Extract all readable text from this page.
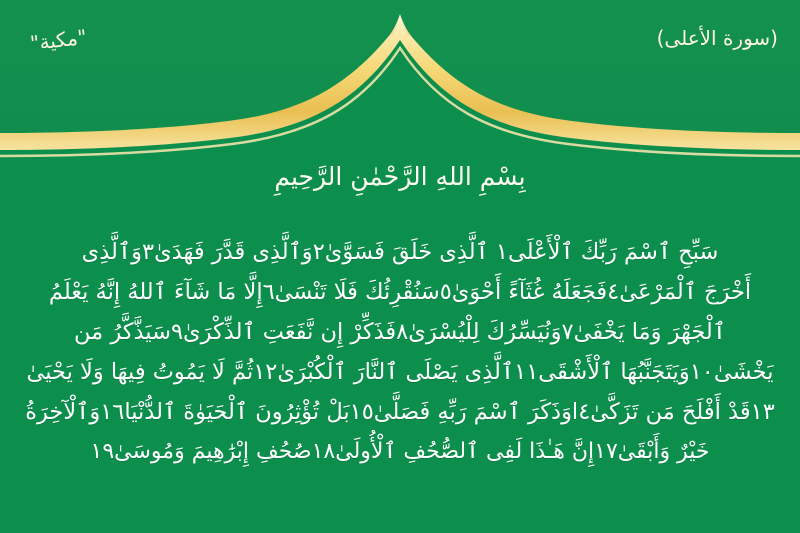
(سورة الأعلى)
"مكية"
بِسْمِ اللهِ الرَّحْمٰنِ الرَّحِيمِ
سَبِّحِ ٱسْمَ رَبِّكَ ٱلْأَعْلَى١ ٱلَّذِى خَلَقَ فَسَوَّىٰ٢وَٱلَّذِى قَدَّرَ فَهَدَىٰ٣وَٱلَّذِى
أَخْرَجَ ٱلْمَرْعَىٰ٤فَجَعَلَهُ غُثَآءً أَحْوَىٰ٥سَنُقْرِئُكَ فَلَا تَنْسَىٰ٦إِلَّا مَا شَآءَ ٱللهُ إِنَّهُ يَعْلَمُ
ٱلْجَهْرَ وَمَا يَخْفَىٰ٧وَنُيَسِّرُكَ لِلْيُسْرَىٰ٨فَذَكِّرْ إِن نَّفَعَتِ ٱلذِّكْرَىٰ٩سَيَذَّكَّرُ مَن
يَخْشَىٰ١٠وَيَتَجَنَّبُهَا ٱلْأَشْقَى١١ٱلَّذِى يَصْلَى ٱلنَّارَ ٱلْكُبْرَىٰ١٢ثُمَّ لَا يَمُوتُ فِيهَا وَلَا يَحْيَىٰ
١٣قَدْ أَفْلَحَ مَن تَزَكَّىٰ٤اوَذَكَرَ ٱسْمَ رَبِّهِ فَصَلَّىٰ١٥بَلْ تُؤْثِرُونَ ٱلْحَيَوٰةَ ٱلدُّنْيَا١٦وَٱلْآخِرَةُ
خَيْرٌ وَأَبْقَىٰ١٧إِنَّ هَـٰذَا لَفِى ٱلصُّحُفِ ٱلْأُولَىٰ١٨صُحُفِ إِبْرَٰهِيمَ وَمُوسَىٰ١٩
